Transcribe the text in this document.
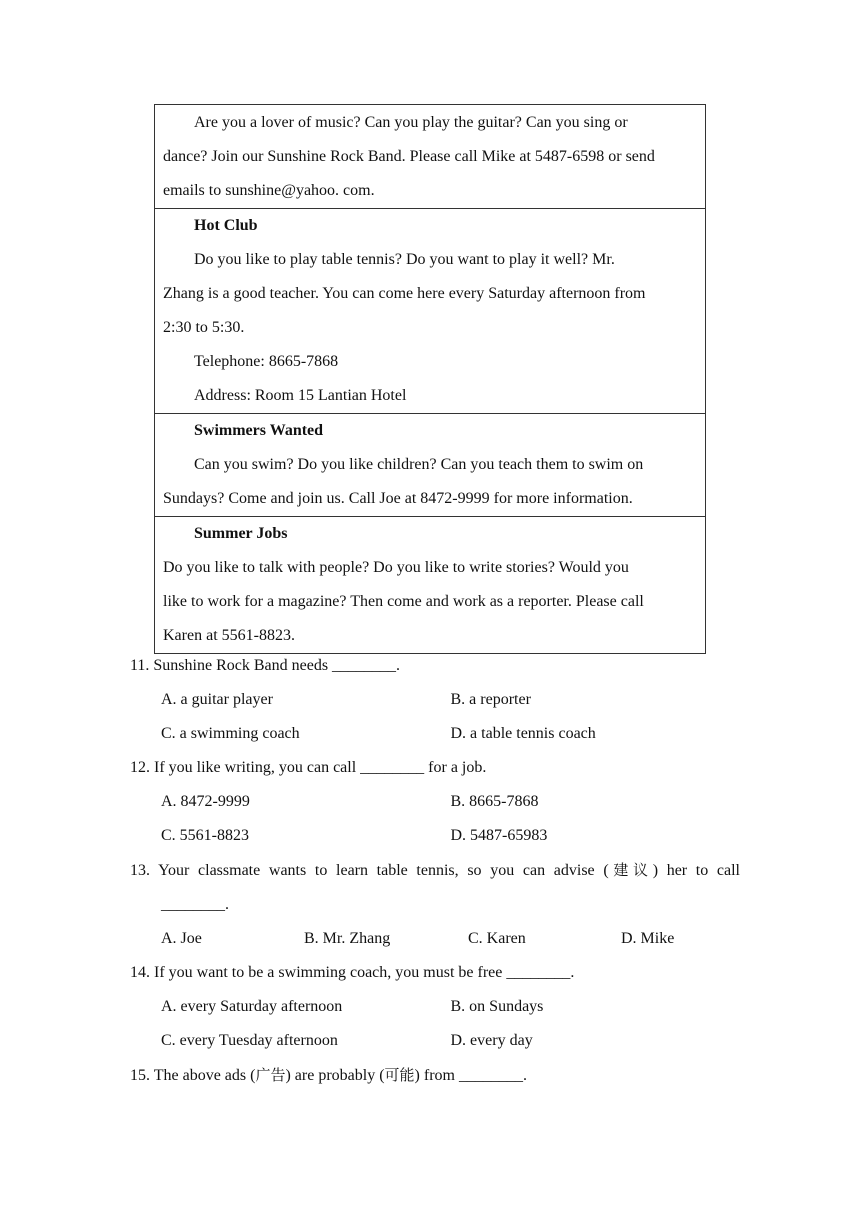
Are you a lover of music? Can you play the guitar? Can you sing or
dance? Join our Sunshine Rock Band. Please call Mike at 5487-6598 or send
emails to sunshine@yahoo. com.
Hot Club
Do you like to play table tennis? Do you want to play it well? Mr.
Zhang is a good teacher. You can come here every Saturday afternoon from
2:30 to 5:30.
Telephone: 8665-7868
Address: Room 15 Lantian Hotel
Swimmers Wanted
Can you swim? Do you like children? Can you teach them to swim on
Sundays? Come and join us. Call Joe at 8472-9999 for more information.
Summer Jobs
Do you like to talk with people? Do you like to write stories? Would you
like to work for a magazine? Then come and work as a reporter. Please call
Karen at 5561-8823.
11. Sunshine Rock Band needs ________.
A. a guitar player	B. a reporter
C. a swimming coach	D. a table tennis coach
12. If you like writing, you can call ________ for a job.
A. 8472-9999	B. 8665-7868
C. 5561-8823	D. 5487-65983
13. Your classmate wants to learn table tennis, so you can advise (建议) her to call
________.
A. Joe	B. Mr. Zhang	C. Karen	D. Mike
14. If you want to be a swimming coach, you must be free ________.
A. every Saturday afternoon	B. on Sundays
C. every Tuesday afternoon	D. every day
15. The above ads (广告) are probably (可能) from ________.
